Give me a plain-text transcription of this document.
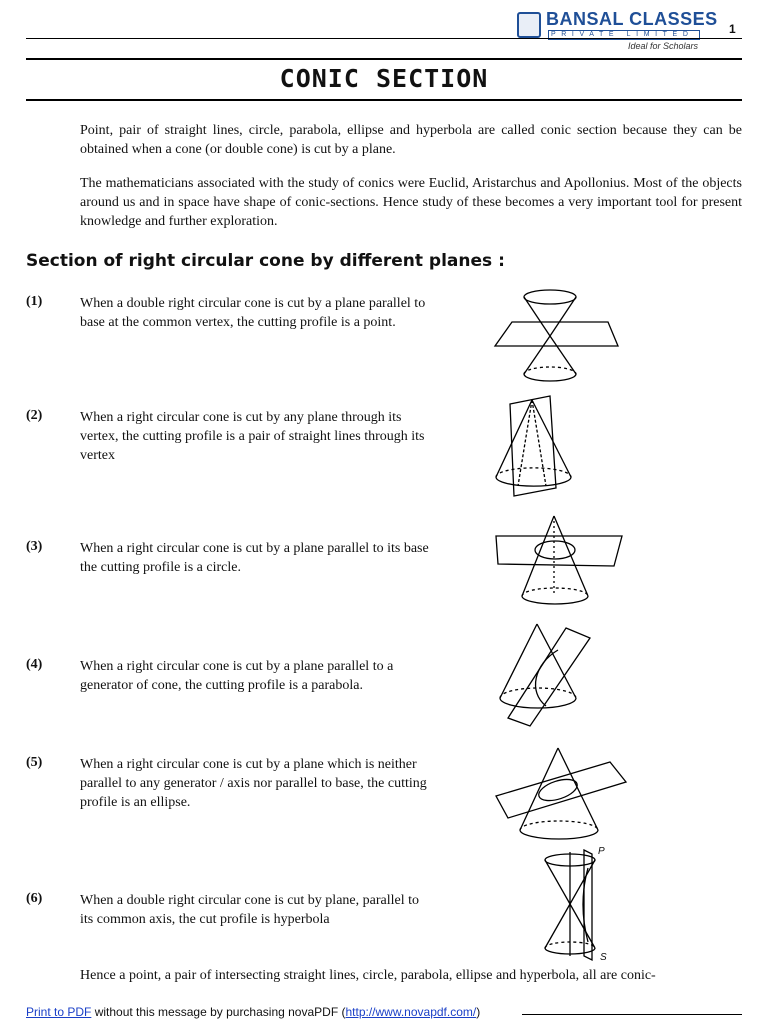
BANSAL CLASSES
PRIVATE LIMITED
Ideal for Scholars
1
CONIC SECTION
Point, pair of straight lines, circle, parabola, ellipse and hyperbola are called conic section because they can be obtained when a cone (or double cone) is cut by a plane.
The mathematicians associated with the study of conics were Euclid, Aristarchus and Apollonius. Most of the objects around us and in space have shape of conic-sections. Hence study of these becomes a very important tool for present knowledge and further exploration.
Section of right circular cone by different planes :
(1)	When a double right circular cone is cut by a plane parallel to base at the common vertex, the cutting profile is a point.
(2)	When a right circular cone is cut by any plane through its vertex, the cutting profile is a pair of straight lines through its vertex
(3)	When a right circular cone is cut by a plane parallel to its base the cutting profile is a circle.
(4)	When a right circular cone is cut by a plane parallel to a generator of cone, the cutting profile is a parabola.
(5)	When a right circular cone is cut by a plane which is neither parallel to any generator / axis nor parallel to base, the cutting profile is an ellipse.
(6)	When a double right circular cone is cut by plane, parallel to its common axis, the cut profile is hyperbola
P
S
Hence a point, a pair of intersecting straight lines, circle, parabola, ellipse and hyperbola, all are conic-
Print to PDF without this message by purchasing novaPDF (http://www.novapdf.com/)
